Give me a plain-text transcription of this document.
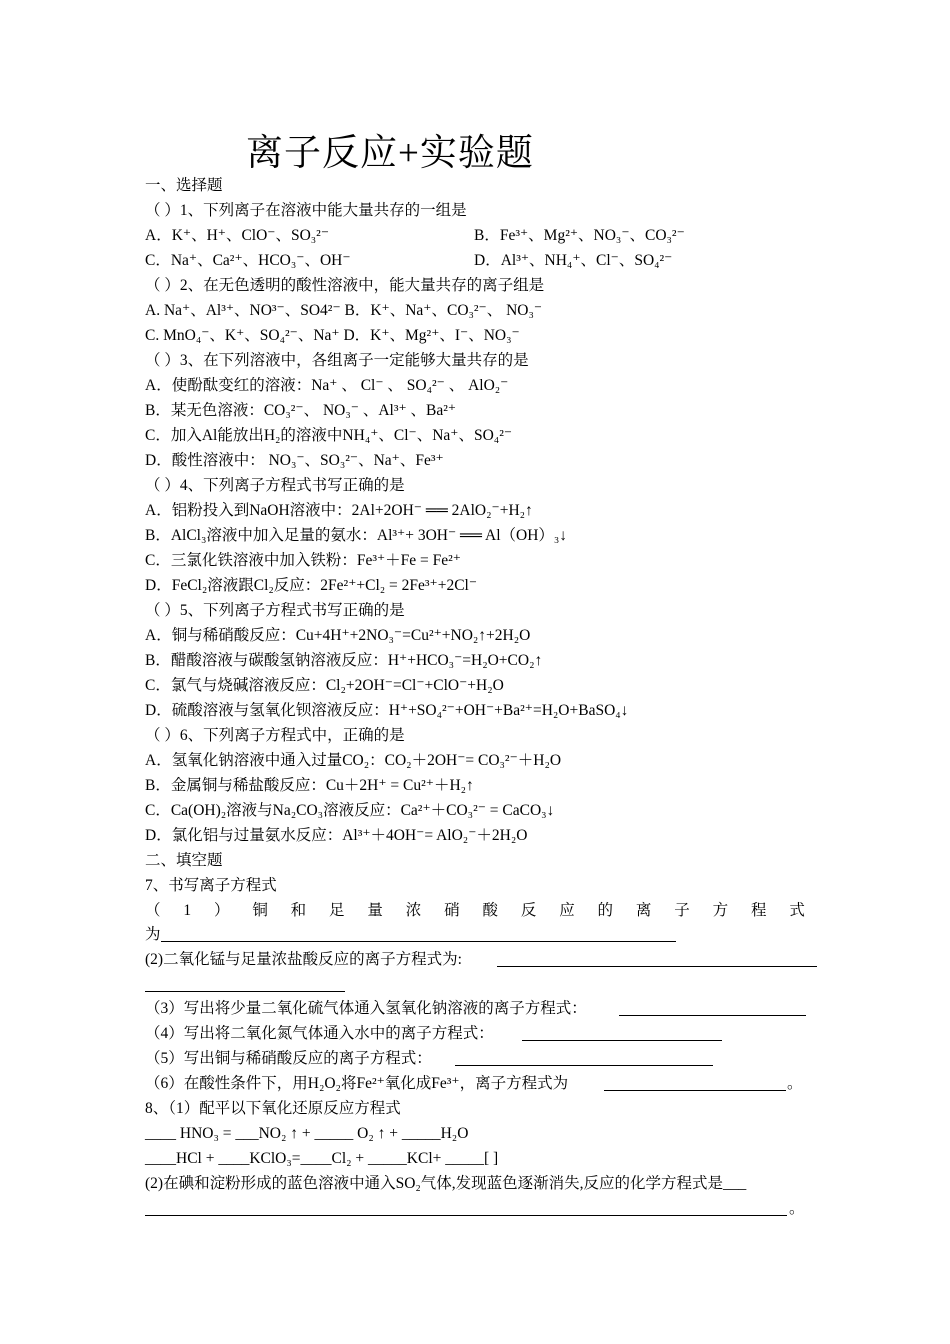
离子反应+实验题
一、选择题
（ ）1、下列离子在溶液中能大量共存的一组是
A．K⁺、H⁺、ClO⁻、SO₃²⁻	B．Fe³⁺、Mg²⁺、NO₃⁻、CO₃²⁻
C．Na⁺、Ca²⁺、HCO₃⁻、OH⁻	D．Al³⁺、NH₄⁺、Cl⁻、SO₄²⁻
（ ）2、在无色透明的酸性溶液中，能大量共存的离子组是
A. Na⁺、Al³⁺、NO³⁻、SO4²⁻ B．K⁺、Na⁺、CO₃²⁻、 NO₃⁻
C. MnO₄⁻、K⁺、SO₄²⁻、Na⁺ D．K⁺、Mg²⁺、I⁻、NO₃⁻
（ ）3、在下列溶液中，各组离子一定能够大量共存的是
A．使酚酞变红的溶液：Na⁺ 、 Cl⁻ 、 SO₄²⁻ 、 AlO₂⁻
B．某无色溶液：CO₃²⁻、 NO₃⁻ 、Al³⁺ 、Ba²⁺
C．加入Al能放出H₂的溶液中NH₄⁺、Cl⁻、Na⁺、SO₄²⁻
D．酸性溶液中： NO₃⁻、SO₃²⁻、Na⁺、Fe³⁺
（ ）4、下列离子方程式书写正确的是
A．铝粉投入到NaOH溶液中：2Al+2OH⁻ ══ 2AlO₂⁻+H₂↑
B．AlCl₃溶液中加入足量的氨水：Al³⁺+ 3OH⁻ ══ Al（OH）₃↓
C．三氯化铁溶液中加入铁粉：Fe³⁺＋Fe = Fe²⁺
D．FeCl₂溶液跟Cl₂反应：2Fe²⁺+Cl₂ = 2Fe³⁺+2Cl⁻
（ ）5、下列离子方程式书写正确的是
A．铜与稀硝酸反应：Cu+4H⁺+2NO₃⁻=Cu²⁺+NO₂↑+2H₂O
B．醋酸溶液与碳酸氢钠溶液反应：H⁺+HCO₃⁻=H₂O+CO₂↑
C．氯气与烧碱溶液反应：Cl₂+2OH⁻=Cl⁻+ClO⁻+H₂O
D．硫酸溶液与氢氧化钡溶液反应：H⁺+SO₄²⁻+OH⁻+Ba²⁺=H₂O+BaSO₄↓
（ ）6、下列离子方程式中，正确的是
A．氢氧化钠溶液中通入过量CO₂：CO₂＋2OH⁻= CO₃²⁻＋H₂O
B．金属铜与稀盐酸反应：Cu＋2H⁺ = Cu²⁺＋H₂↑
C．Ca(OH)₂溶液与Na₂CO₃溶液反应：Ca²⁺＋CO₃²⁻ = CaCO₃↓
D．氯化铝与过量氨水反应：Al³⁺＋4OH⁻= AlO₂⁻＋2H₂O
二、填空题
7、书写离子方程式
（ 1 ） 铜 和 足 量 浓 硝 酸 反 应 的 离 子 方 程 式
为
(2)二氧化锰与足量浓盐酸反应的离子方程式为:
（3）写出将少量二氧化硫气体通入氢氧化钠溶液的离子方程式：
（4）写出将二氧化氮气体通入水中的离子方程式：
（5）写出铜与稀硝酸反应的离子方程式：
（6）在酸性条件下，用H₂O₂将Fe²⁺氧化成Fe³⁺，离子方程式为	。
8、（1）配平以下氧化还原反应方程式
____ HNO₃ = ___NO₂ ↑ + _____ O₂ ↑ + _____H₂O
____HCl + ____KClO₃=____Cl₂ + _____KCl+ _____[ ]
(2)在碘和淀粉形成的蓝色溶液中通入SO₂气体,发现蓝色逐渐消失,反应的化学方程式是___
。
